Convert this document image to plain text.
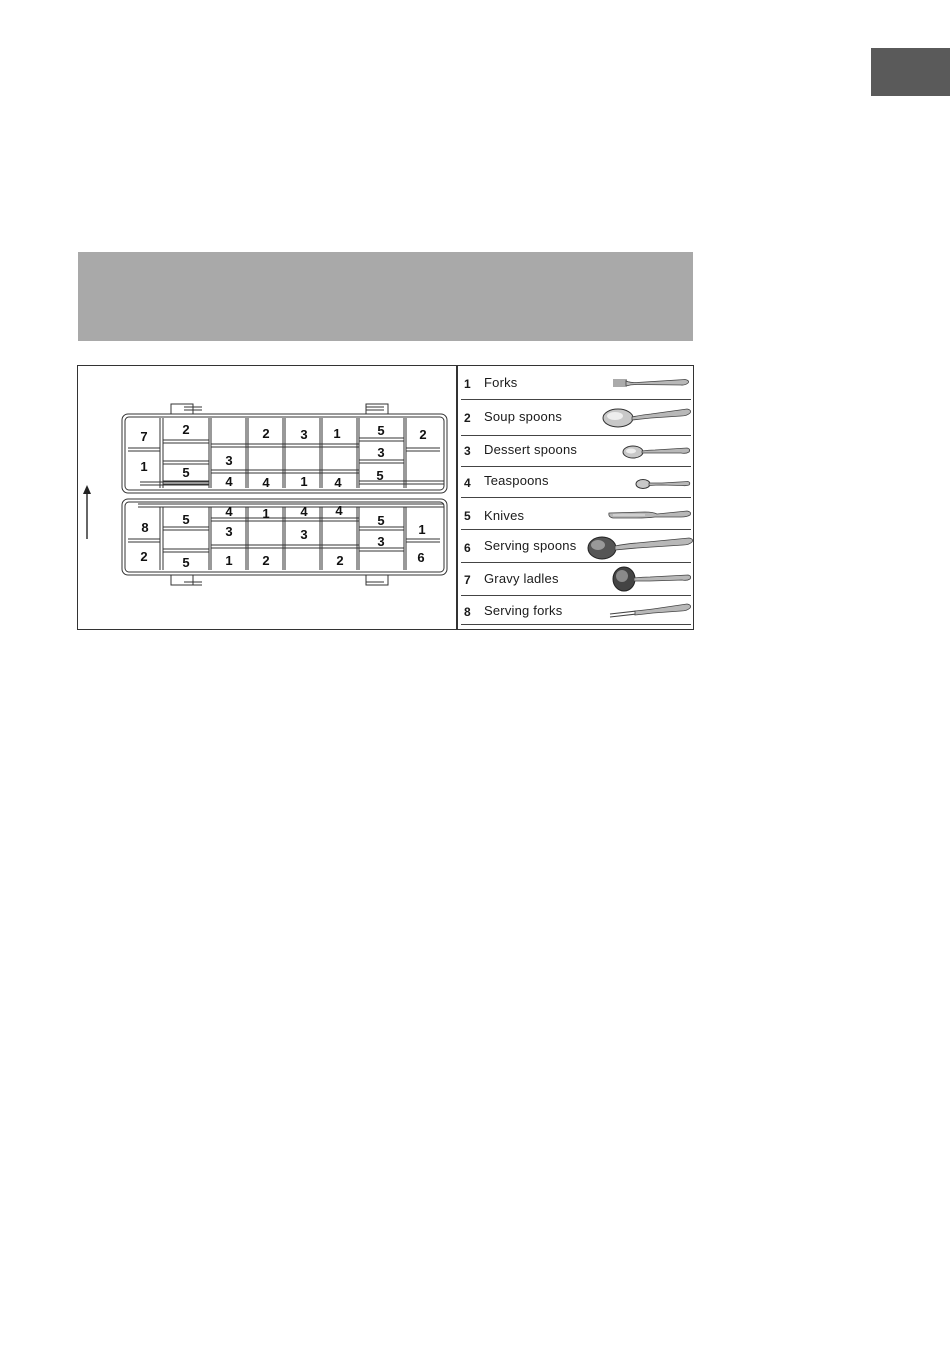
7	2	2 3 1	5	2
1	5
3
3
4 4 1 4	5
8
5
4 1 4 4
5
1
3	3	3
2	5	1 2	2	6
1 Forks
2 Soup spoons
3 Dessert spoons
4 Teaspoons
5 Knives
6 Serving spoons
7 Gravy ladles
8 Serving forks
